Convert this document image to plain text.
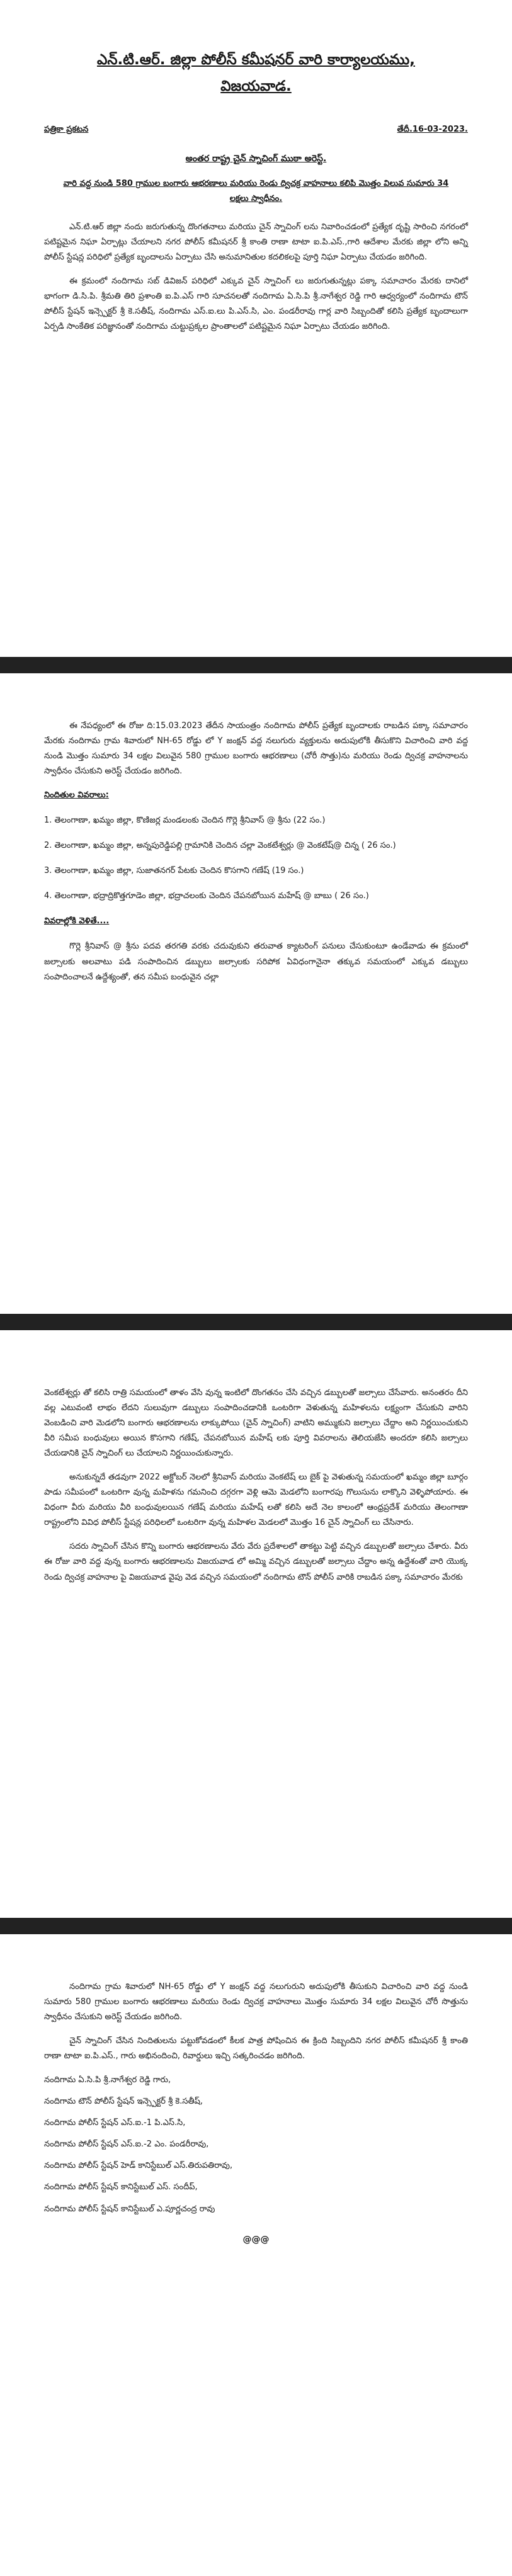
ఎన్.టి.ఆర్. జిల్లా పోలీస్ కమీషనర్ వారి కార్యాలయము,
విజయవాడ.
పత్రికా ప్రకటన	తేదీ.16-03-2023.
అంతర రాష్ట్ర చైన్ స్నాచింగ్ ముఠా అరెస్ట్.
వారి వద్ద నుండి 580 గ్రాముల బంగారు ఆభరణాలు మరియు రెండు ద్విచక్ర వాహనాలు కలిపి మొత్తం విలువ సుమారు 34 లక్షలు స్వాధీనం.

ఎన్.టి.ఆర్ జిల్లా నందు జరుగుతున్న దొంగతనాలు మరియు చైన్ స్నాచింగ్ లను నివారించడంలో ప్రత్యేక దృష్టి సారించి నగరంలో పటిష్టమైన నిఘా ఏర్పాట్లు చేయాలని నగర పోలీస్ కమీషనర్ శ్రీ కాంతి రాణా టాటా ఐ.పి.ఎస్.,గారి ఆదేశాల మేరకు జిల్లా లోని అన్ని పోలీస్ స్టేషన్ల పరిధిలో ప్రత్యేక బృందాలను ఏర్పాటు చేసి అనుమానితుల కదలికలపై పూర్తి నిఘా ఏర్పాటు చేయడం జరిగింది.

ఈ క్రమంలో నందిగామ సబ్ డివిజన్ పరిధిలో ఎక్కువ చైన్ స్నాచింగ్ లు జరుగుతున్నట్లు పక్కా సమాచారం మేరకు దానిలో భాగంగా డి.సి.పి. శ్రీమతి తిరి ప్రశాంతి ఐ.పి.ఎస్ గారి సూచనలతో నందిగామ ఏ.సి.పి శ్రీ.నాగేశ్వర రెడ్డి గారి ఆధ్వర్యంలో నందిగామ టౌన్ పోలీస్ స్టేషన్ ఇన్స్పెక్టర్ శ్రీ కె.సతీష్, నందిగామ ఎస్.ఐ.లు పి.ఎస్.సి, ఎం. పండరీరావు గార్ల వారి సిబ్బందితో కలిసి ప్రత్యేక బృందాలుగా ఏర్పడి సాంకేతిక పరిజ్ఞానంతో నందిగామ చుట్టుప్రక్కల ప్రాంతాలలో పటిష్టమైన నిఘా ఏర్పాటు చేయడం జరిగింది.

ఈ నేపధ్యంలో ఈ రోజు ది:15.03.2023 తేదీన సాయంత్రం నందిగామ పోలీస్ ప్రత్యేక బృందాలకు రాబడిన పక్కా సమాచారం మేరకు నందిగామ గ్రామ శివారులో NH-65 రోడ్డు లో Y జంక్షన్ వద్ద నలుగురు వ్యక్తులను అదుపులోకి తీసుకొని విచారించి వారి వద్ద నుండి మొత్తం సుమారు 34 లక్షల విలువైన 580 గ్రాముల బంగారు ఆభరణాలు (చోరీ సొత్తు)ను మరియు రెండు ద్విచక్ర వాహనాలను స్వాధీనం చేసుకుని అరెస్ట్ చేయడం జరిగింది.

నిందితుల వివరాలు:
1. తెలంగాణా, ఖమ్మం జిల్లా, కొణిజర్ల మండలంకు చెందిన గొర్లె శ్రీనివాస్ @ శ్రీను (22 సం.)
2. తెలంగాణా, ఖమ్మం జిల్లా, అన్నపురెడ్డిపల్లి గ్రామానికి చెందిన చల్లా వెంకటేశ్వర్లు @ వెంకటేష్@ చిన్న ( 26 సం.)
3. తెలంగాణా, ఖమ్మం జిల్లా, సుజాతనగర్ పేటకు చెందిన కొసగాని గణేష్ (19 సం.)
4. తెలంగాణా, భద్రాద్రికొత్తగూడెం జిల్లా, భద్రాచలంకు చెందిన చేపనబోయిన మహేష్ @ బాబు ( 26 సం.)
వివరాల్లోకి వెళితే....

గొర్లె శ్రీనివాస్ @ శ్రీను పదవ తరగతి వరకు చదువుకుని తరువాత క్యాటరింగ్ పనులు చేసుకుంటూ ఉండేవాడు ఈ క్రమంలో జల్సాలకు అలవాటు పడి సంపాదించిన డబ్బులు జల్సాలకు సరిపోక ఏవిధంగానైనా తక్కువ సమయంలో ఎక్కువ డబ్బులు సంపాదించాలనే ఉద్దేశ్యంతో, తన సమీప బంధువైన చల్లా

వెంకటేశ్వర్లు తో కలిసి రాత్రి సమయంలో తాళం వేసి వున్న ఇంటిలో దొంగతనం చేసి వచ్చిన డబ్బులతో జల్సాలు చేసేవారు. అనంతరం దీని వల్ల ఎటువంటి లాభం లేదని సులువుగా డబ్బులు సంపాదించడానికి ఒంటరిగా వెళుతున్న మహిళలను లక్ష్యంగా చేసుకుని వారిని వెంబడించి వారి మెడలోని బంగారు ఆభరణాలను లాక్కుపోయి (చైన్ స్నాచింగ్) వాటిని అమ్ముకుని జల్సాలు చేద్దాం అని నిర్ణయించుకుని వీరి సమీప బంధువులు అయిన కొసగాని గణేష్, చేపనబోయిన మహేష్ లకు పూర్తి వివరాలను తెలియజేసి అందరూ కలిసి జల్సాలు చేయడానికి చైన్ స్నాచింగ్ లు చేయాలని నిర్ణయించుకున్నారు.

అనుకున్నదే తడవుగా 2022 అక్టోబర్ నెలలో శ్రీనివాస్ మరియు వెంకటేష్ లు బైక్ పై వెళుతున్న సమయంలో ఖమ్మం జిల్లా బూర్గం పాడు సమీపంలో ఒంటరిగా వున్న మహిళను గమనించి దగ్గరగా వెళ్లి ఆమె మెడలోని బంగారపు గొలుసును లాక్కొని వెళ్ళిపోయారు. ఈ విధంగా వీరు మరియు వీరి బంధువులయిన గణేష్ మరియు మహేష్ లతో కలిసి అదే నెల కాలంలో ఆంధ్రప్రదేశ్ మరియు తెలంగాణా రాష్ట్రంలోని వివిధ పోలీస్ స్టేషన్ల పరిధిలలో ఒంటరిగా వున్న మహిళల మెడలలో మొత్తం 16 చైన్ స్నాచింగ్ లు చేసినారు.

సదరు స్నాచింగ్ చేసిన కొన్ని బంగారు ఆభరణాలను వేరు వేరు ప్రదేశాలలో తాకట్టు పెట్టి వచ్చిన డబ్బులతో జల్సాలు చేశారు. వీరు ఈ రోజు వారి వద్ద వున్న బంగారు ఆభరణాలను విజయవాడ లో అమ్మి వచ్చిన డబ్బులతో జల్సాలు చేద్దాం అన్న ఉద్దేశంతో వారి యొక్క రెండు ద్విచక్ర వాహనాల పై విజయవాడ వైపు వెడ వచ్చిన సమయంలో నందిగామ టౌన్ పోలీస్ వారికి రాబడిన పక్కా సమాచారం మేరకు

నందిగామ గ్రామ శివారులో NH-65 రోడ్డు లో Y జంక్షన్ వద్ద నలుగురుని అదుపులోకి తీసుకుని విచారించి వారి వద్ద నుండి సుమారు 580 గ్రాముల బంగారు ఆభరణాలు మరియు రెండు ద్విచక్ర వాహనాలు మొత్తం సుమారు 34 లక్షల విలువైన చోరీ సొత్తును స్వాధీనం చేసుకుని అరెస్ట్ చేయడం జరిగింది.

చైన్ స్నాచింగ్ చేసిన నిందితులను పట్టుకోవడంలో కీలక పాత్ర పోషించిన ఈ క్రింది సిబ్బందిని నగర పోలీస్ కమీషనర్ శ్రీ కాంతి రాణా టాటా ఐ.పి.ఎస్., గారు అభినందించి, రివార్డులు ఇచ్చి సత్కరించడం జరిగింది.

నందిగామ ఏ.సి.పి శ్రీ.నాగేశ్వర రెడ్డి గారు,
నందిగామ టౌన్ పోలీస్ స్టేషన్ ఇన్స్పెక్టర్ శ్రీ కె.సతీష్,
నందిగామ పోలీస్ స్టేషన్ ఎస్.ఐ.-1 పి.ఎస్.సి,
నందిగామ పోలీస్ స్టేషన్ ఎస్.ఐ.-2 ఎం. పండరీరావు,
నందిగామ పోలీస్ స్టేషన్ హెడ్ కానిస్టేబుల్ ఎస్.తిరుపతిరావు,
నందిగామ పోలీస్ స్టేషన్ కానిస్టేబుల్ ఎస్. సందీప్,
నందిగామ పోలీస్ స్టేషన్ కానిస్టేబుల్ ఎ.పూర్ణచంద్ర రావు
@@@
